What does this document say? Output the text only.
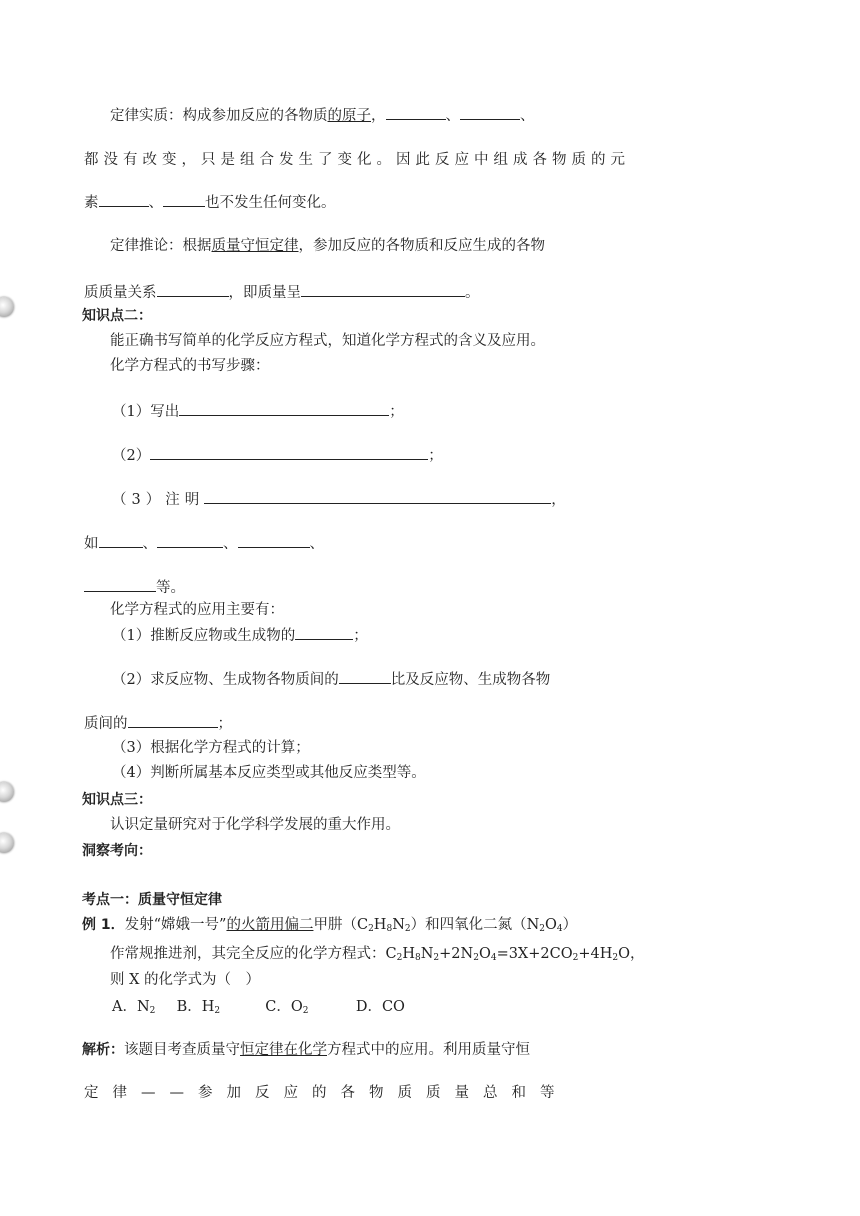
定律实质：构成参加反应的各物质的原子，	、	、
都没有改变，只是组合发生了变化。因此反应中组成各物质的元
素	、	也不发生任何变化。
定律推论：根据质量守恒定律，参加反应的各物质和反应生成的各物
质质量关系	，即质量呈	。
知识点二：
能正确书写简单的化学反应方程式，知道化学方程式的含义及应用。
化学方程式的书写步骤：
（1）写出	；
（2）	；
（3）注明	，
如	、	、	、
等。
化学方程式的应用主要有：
（1）推断反应物或生成物的	；
（2）求反应物、生成物各物质间的	比及反应物、生成物各物
质间的	；
（3）根据化学方程式的计算；
（4）判断所属基本反应类型或其他反应类型等。
知识点三：
认识定量研究对于化学科学发展的重大作用。
洞察考向：
考点一：质量守恒定律
例 1．发射“嫦娥一号”的火箭用偏二甲肼$(C_2H_8N_2)$和四氧化二氮$(N_2O_4)$
作常规推进剂，其完全反应的化学方程式：$C_2H_8N_2+2N_2O_4=3X+2CO_2+4H_2O$，
则 X 的化学式为（　）
A．$N_2$ B．$H_2$	C．$O_2$	D．CO
解析：该题目考查质量守恒定律在化学方程式中的应用。利用质量守恒
定律——参加反应的各物质质量总和等
